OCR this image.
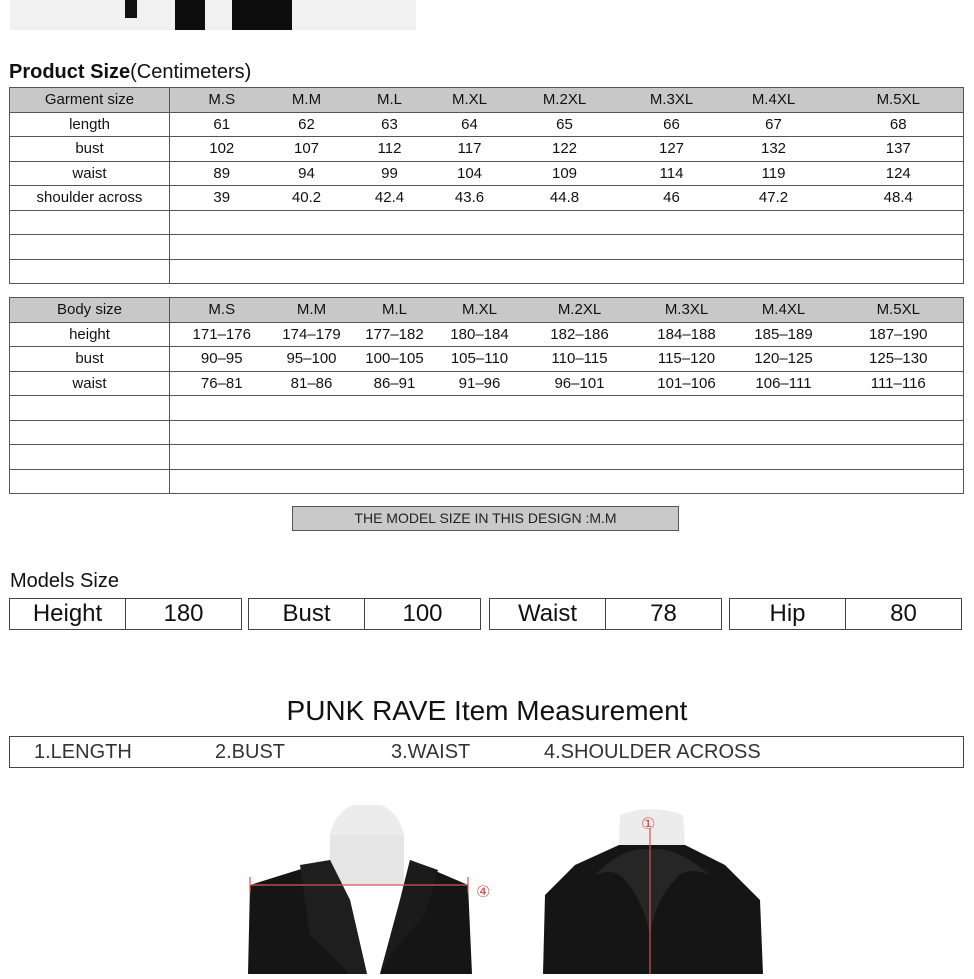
Product Size(Centimeters)
Garment size	M.S	M.M	M.L	M.XL	M.2XL	M.3XL	M.4XL	M.5XL
length	61	62	63	64	65	66	67	68
bust	102	107	112	117	122	127	132	137
waist	89	94	99	104	109	114	119	124
shoulder across	39	40.2	42.4	43.6	44.8	46	47.2	48.4

Body size	M.S	M.M	M.L	M.XL	M.2XL	M.3XL	M.4XL	M.5XL
height	171–176	174–179	177–182	180–184	182–186	184–188	185–189	187–190
bust	90–95	95–100	100–105	105–110	110–115	115–120	120–125	125–130
waist	76–81	81–86	86–91	91–96	96–101	101–106	106–111	111–116

THE MODEL SIZE IN THIS DESIGN :M.M
Models Size
Height	180	Bust	100	Waist	78	Hip	80
PUNK RAVE Item Measurement
1.LENGTH	2.BUST	3.WAIST	4.SHOULDER ACROSS
④
①
